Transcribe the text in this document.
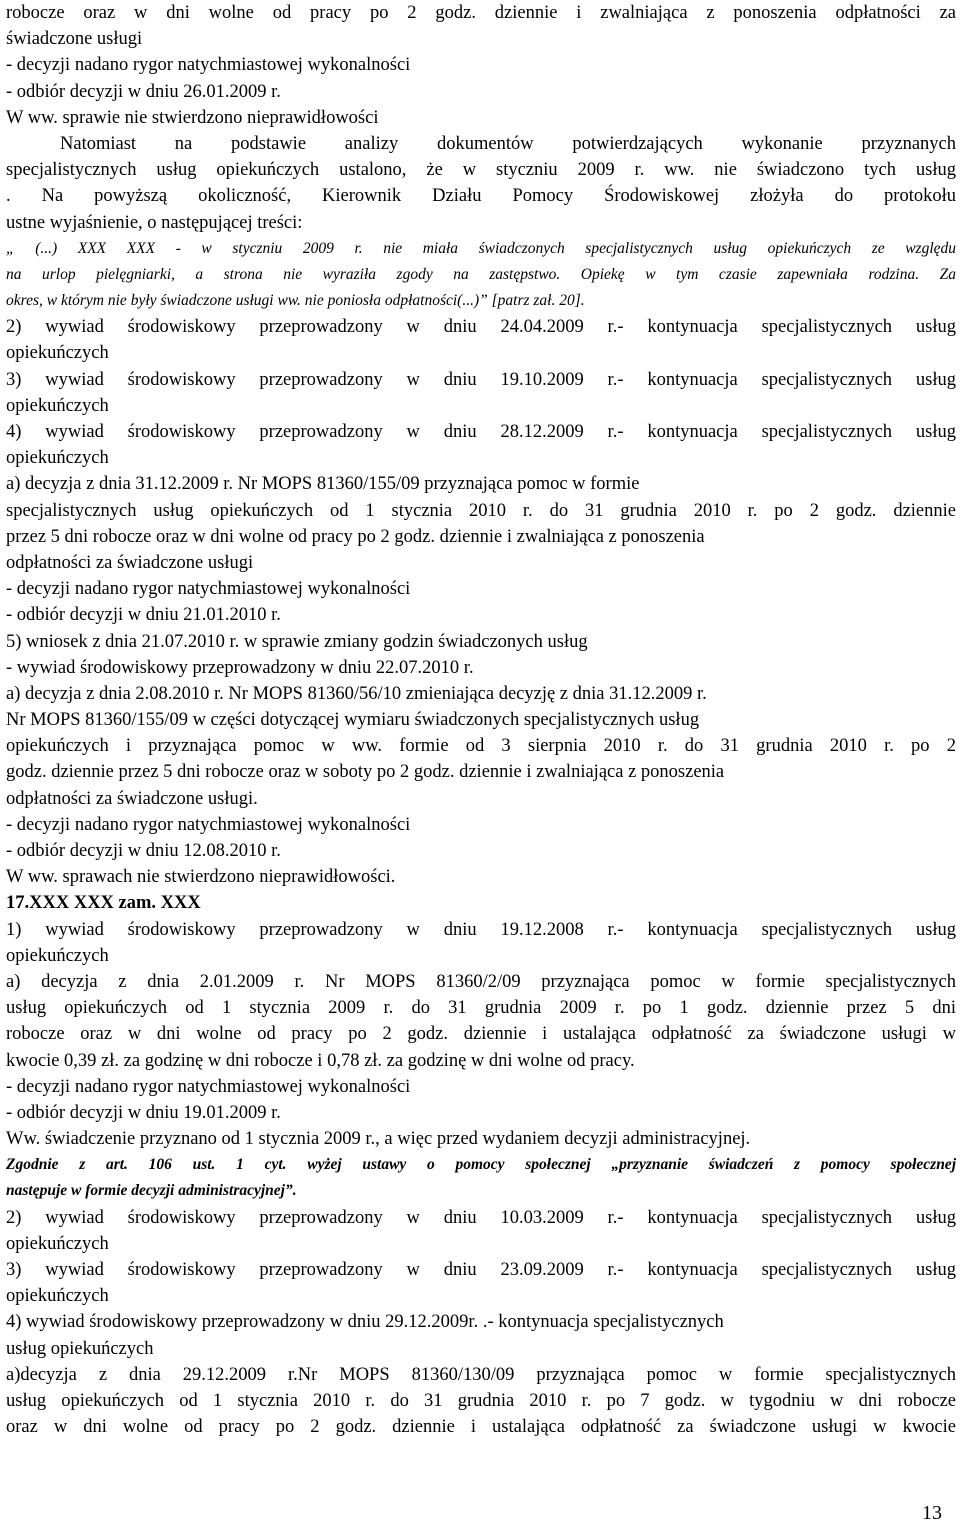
robocze oraz w dni wolne od pracy po 2 godz. dziennie i zwalniająca z ponoszenia odpłatności za
świadczone usługi
- decyzji nadano rygor natychmiastowej wykonalności
- odbiór decyzji w dniu 26.01.2009 r.
W ww. sprawie nie stwierdzono nieprawidłowości
Natomiast na podstawie analizy dokumentów potwierdzających wykonanie przyznanych
specjalistycznych usług opiekuńczych ustalono, że w styczniu 2009 r. ww. nie świadczono tych usług
. Na powyższą okoliczność, Kierownik Działu Pomocy Środowiskowej złożyła do protokołu
ustne wyjaśnienie, o następującej treści:
„ (...) XXX XXX - w styczniu 2009 r. nie miała świadczonych specjalistycznych usług opiekuńczych ze względu
na urlop pielęgniarki, a strona nie wyraziła zgody na zastępstwo. Opiekę w tym czasie zapewniała rodzina. Za
okres, w którym nie były świadczone usługi ww. nie poniosła odpłatności(...)” [patrz zał. 20].
2) wywiad środowiskowy przeprowadzony w dniu 24.04.2009 r.- kontynuacja specjalistycznych usług
opiekuńczych
3) wywiad środowiskowy przeprowadzony w dniu 19.10.2009 r.- kontynuacja specjalistycznych usług
opiekuńczych
4) wywiad środowiskowy przeprowadzony w dniu 28.12.2009 r.- kontynuacja specjalistycznych usług
opiekuńczych
a) decyzja z dnia 31.12.2009 r. Nr MOPS 81360/155/09 przyznająca pomoc w formie
specjalistycznych usług opiekuńczych od 1 stycznia 2010 r. do 31 grudnia 2010 r. po 2 godz. dziennie
przez 5 dni robocze oraz w dni wolne od pracy po 2 godz. dziennie i zwalniająca z ponoszenia
odpłatności za świadczone usługi
- decyzji nadano rygor natychmiastowej wykonalności
- odbiór decyzji w dniu 21.01.2010 r.
5) wniosek z dnia 21.07.2010 r. w sprawie zmiany godzin świadczonych usług
- wywiad środowiskowy przeprowadzony w dniu 22.07.2010 r.
a) decyzja z dnia 2.08.2010 r. Nr MOPS 81360/56/10 zmieniająca decyzję z dnia 31.12.2009 r.
Nr MOPS 81360/155/09 w części dotyczącej wymiaru świadczonych specjalistycznych usług
opiekuńczych i przyznająca pomoc w ww. formie od 3 sierpnia 2010 r. do 31 grudnia 2010 r. po 2
godz. dziennie przez 5 dni robocze oraz w soboty po 2 godz. dziennie i zwalniająca z ponoszenia
odpłatności za świadczone usługi.
- decyzji nadano rygor natychmiastowej wykonalności
- odbiór decyzji w dniu 12.08.2010 r.
W ww. sprawach nie stwierdzono nieprawidłowości.
17.XXX XXX zam. XXX
1) wywiad środowiskowy przeprowadzony w dniu 19.12.2008 r.- kontynuacja specjalistycznych usług
opiekuńczych
a) decyzja z dnia 2.01.2009 r. Nr MOPS 81360/2/09 przyznająca pomoc w formie specjalistycznych
usług opiekuńczych od 1 stycznia 2009 r. do 31 grudnia 2009 r. po 1 godz. dziennie przez 5 dni
robocze oraz w dni wolne od pracy po 2 godz. dziennie i ustalająca odpłatność za świadczone usługi w
kwocie 0,39 zł. za godzinę w dni robocze i 0,78 zł. za godzinę w dni wolne od pracy.
- decyzji nadano rygor natychmiastowej wykonalności
- odbiór decyzji w dniu 19.01.2009 r.
Ww. świadczenie przyznano od 1 stycznia 2009 r., a więc przed wydaniem decyzji administracyjnej.
Zgodnie z art. 106 ust. 1 cyt. wyżej ustawy o pomocy społecznej „przyznanie świadczeń z pomocy społecznej
następuje w formie decyzji administracyjnej”.
2) wywiad środowiskowy przeprowadzony w dniu 10.03.2009 r.- kontynuacja specjalistycznych usług
opiekuńczych
3) wywiad środowiskowy przeprowadzony w dniu 23.09.2009 r.- kontynuacja specjalistycznych usług
opiekuńczych
4) wywiad środowiskowy przeprowadzony w dniu 29.12.2009r. .- kontynuacja specjalistycznych
usług opiekuńczych
a)decyzja z dnia 29.12.2009 r.Nr MOPS 81360/130/09 przyznająca pomoc w formie specjalistycznych
usług opiekuńczych od 1 stycznia 2010 r. do 31 grudnia 2010 r. po 7 godz. w tygodniu w dni robocze
oraz w dni wolne od pracy po 2 godz. dziennie i ustalająca odpłatność za świadczone usługi w kwocie
13
